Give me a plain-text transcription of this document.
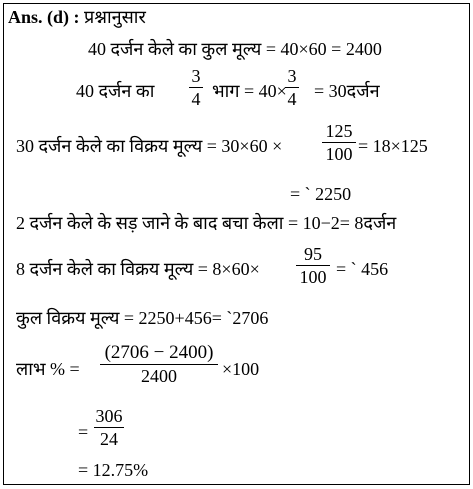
Ans. (d) : प्रश्नानुसार
40 दर्जन केले का कुल मूल्य = 40×60 = 2400
40 दर्जन का
3
4 भाग = 40×
3
4 = 30दर्जन
30 दर्जन केले का विक्रय मूल्य = 30×60 ×
125
100 = 18×125
= ` 2250
2 दर्जन केले के सड़ जाने के बाद बचा केला = 10−2= 8दर्जन
8 दर्जन केले का विक्रय मूल्य = 8×60×
95
100 = ` 456
कुल विक्रय मूल्य = 2250+456= `2706
लाभ % =
(2706 − 2400)
2400	×100
=
306
24
= 12.75%
